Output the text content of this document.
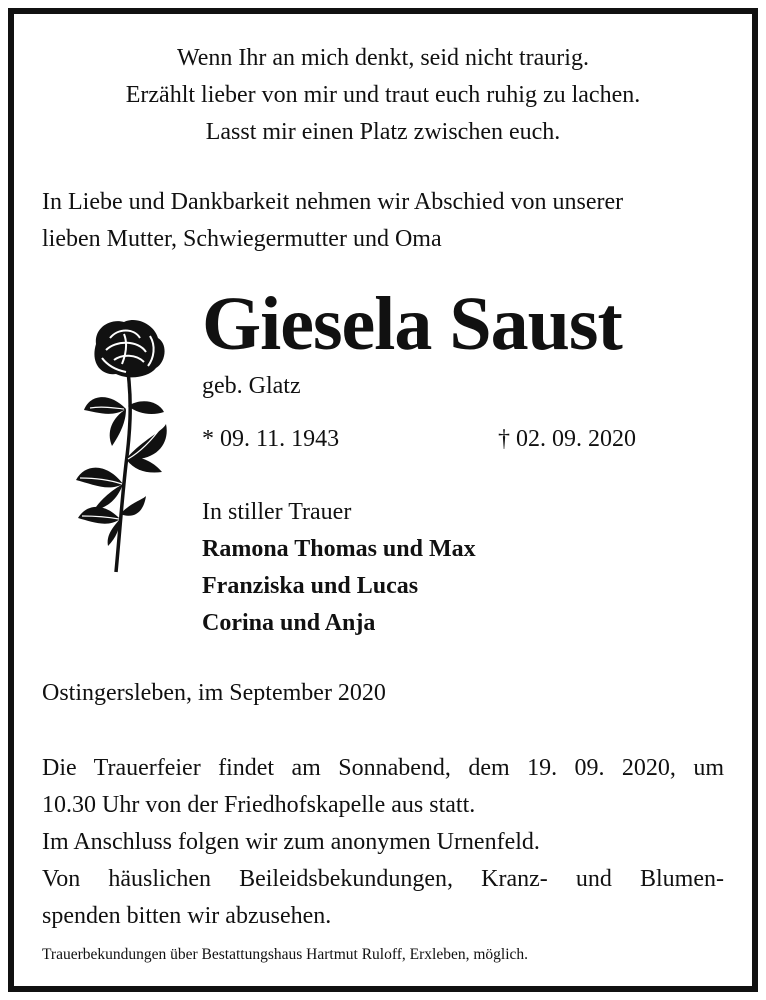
Wenn Ihr an mich denkt, seid nicht traurig.
Erzählt lieber von mir und traut euch ruhig zu lachen.
Lasst mir einen Platz zwischen euch.
In Liebe und Dankbarkeit nehmen wir Abschied von unserer
lieben Mutter, Schwiegermutter und Oma
Giesela Saust
geb. Glatz
* 09. 11. 1943	† 02. 09. 2020
In stiller Trauer
Ramona Thomas und Max
Franziska und Lucas
Corina und Anja
Ostingersleben, im September 2020
Die Trauerfeier findet am Sonnabend, dem 19. 09. 2020, um
10.30 Uhr von der Friedhofskapelle aus statt.
Im Anschluss folgen wir zum anonymen Urnenfeld.
Von häuslichen Beileidsbekundungen, Kranz- und Blumen-
spenden bitten wir abzusehen.
Trauerbekundungen über Bestattungshaus Hartmut Ruloff, Erxleben, möglich.
